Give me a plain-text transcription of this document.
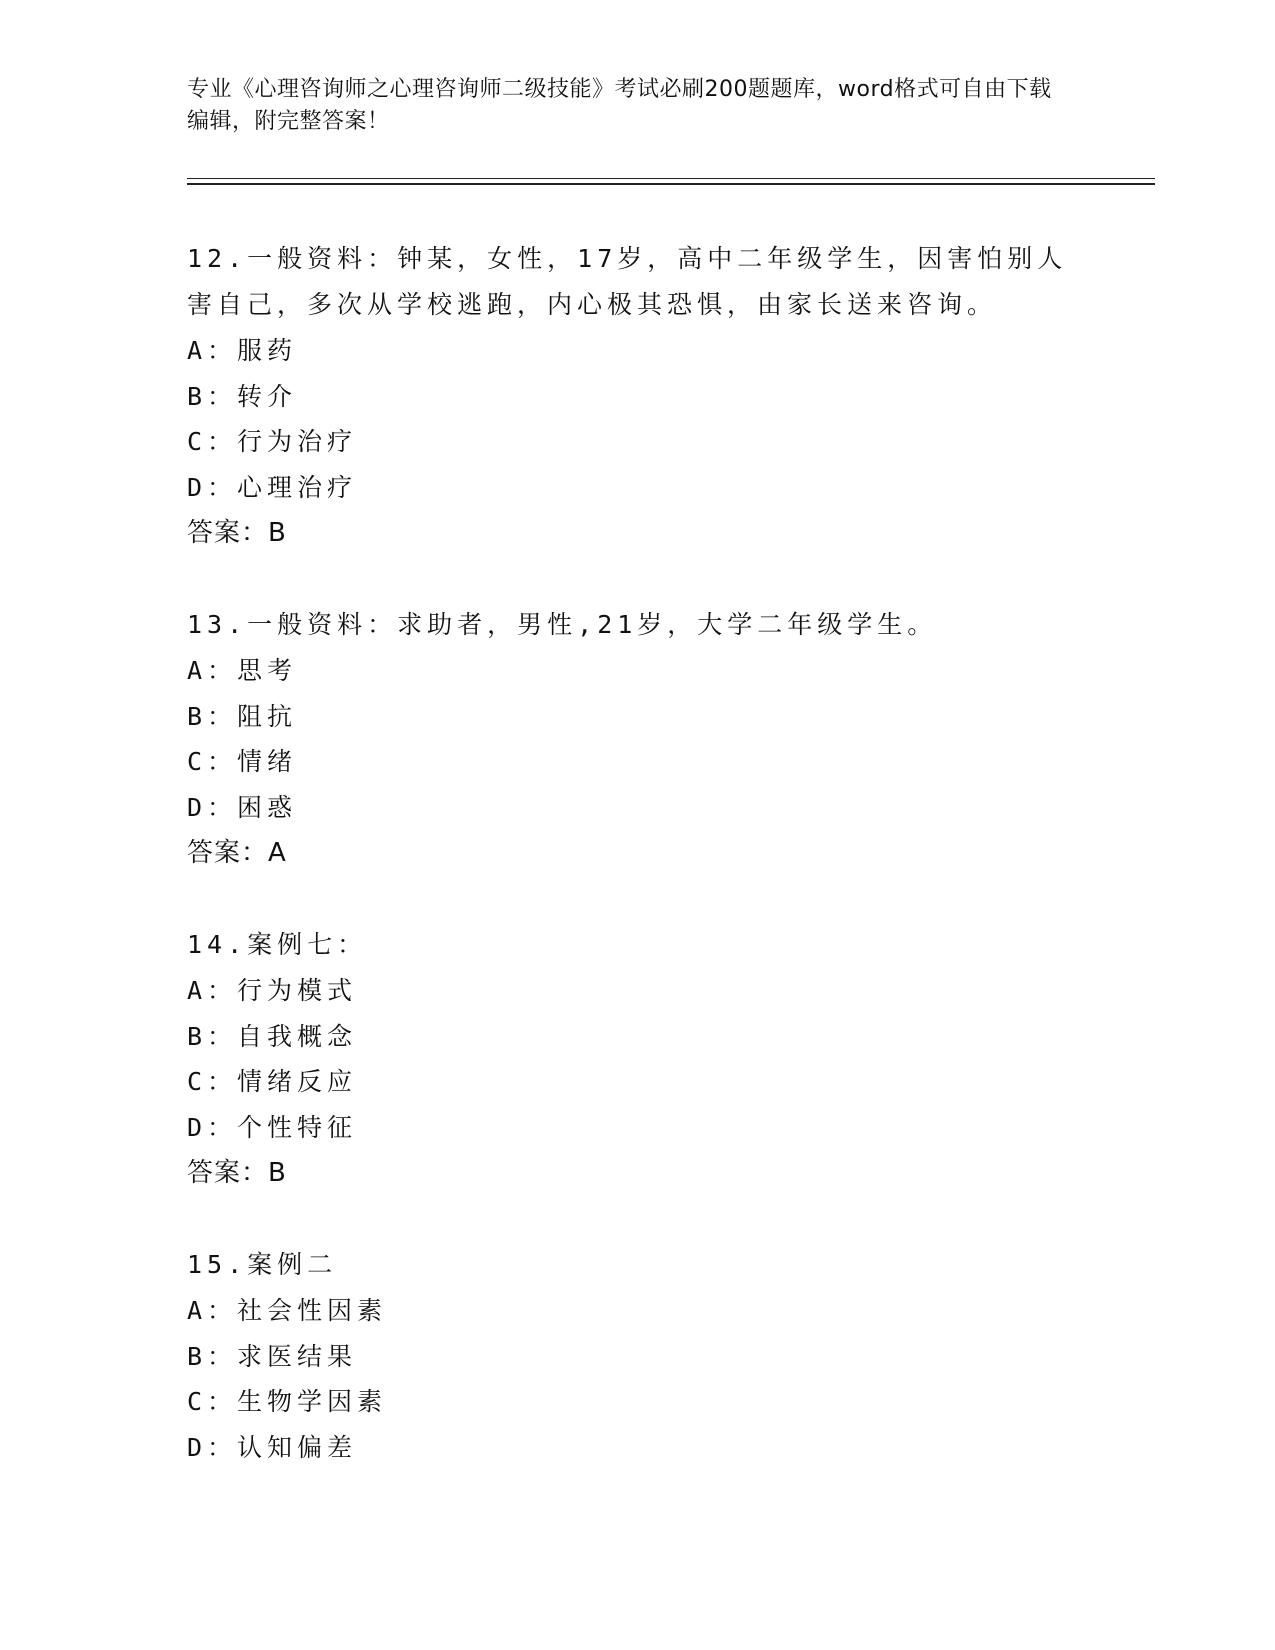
专业《心理咨询师之心理咨询师二级技能》考试必刷200题题库，word格式可自由下载编辑，附完整答案！
12.一般资料：钟某，女性，17岁，高中二年级学生，因害怕别人害自己，多次从学校逃跑，内心极其恐惧，由家长送来咨询。
A：服药
B：转介
C：行为治疗
D：心理治疗
答案：B
13.一般资料：求助者，男性,21岁，大学二年级学生。
A：思考
B：阻抗
C：情绪
D：困惑
答案：A
14.案例七：
A：行为模式
B：自我概念
C：情绪反应
D：个性特征
答案：B
15.案例二
A：社会性因素
B：求医结果
C：生物学因素
D：认知偏差
